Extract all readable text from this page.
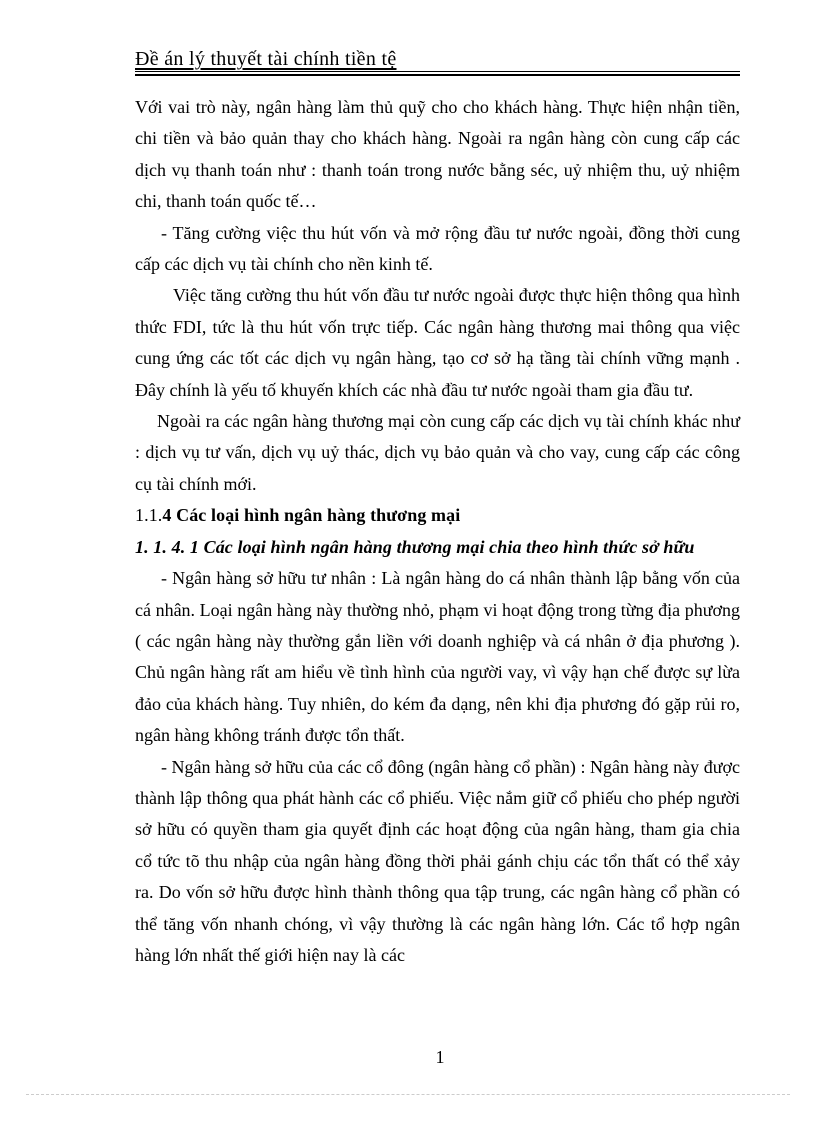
Đề án lý thuyết tài chính tiền tệ

Với vai trò này, ngân hàng làm thủ quỹ cho cho khách hàng. Thực hiện nhận tiền, chi tiền và bảo quản thay cho khách hàng. Ngoài ra ngân hàng còn cung cấp các dịch vụ thanh toán như : thanh toán trong nước bằng séc, uỷ nhiệm thu, uỷ nhiệm chi, thanh toán quốc tế…

- Tăng cường việc thu hút vốn và mở rộng đầu tư nước ngoài, đồng thời cung cấp các dịch vụ tài chính cho nền kinh tế.

Việc tăng cường thu hút vốn đầu tư nước ngoài được thực hiện thông qua hình thức FDI, tức là thu hút vốn trực tiếp. Các ngân hàng thương mai thông qua việc cung ứng các tốt các dịch vụ ngân hàng, tạo cơ sở hạ tầng tài chính vững mạnh . Đây chính là yếu tố khuyến khích các nhà đầu tư nước ngoài tham gia đầu tư.

Ngoài ra các ngân hàng thương mại còn cung cấp các dịch vụ tài chính khác như : dịch vụ tư vấn, dịch vụ uỷ thác, dịch vụ bảo quản và cho vay, cung cấp các công cụ tài chính mới.

1.1.4 Các loại hình ngân hàng thương mại

1. 1. 4. 1 Các loại hình ngân hàng thương mại chia theo hình thức sở hữu

- Ngân hàng sở hữu tư nhân : Là ngân hàng do cá nhân thành lập bằng vốn của cá nhân. Loại ngân hàng này thường nhỏ, phạm vi hoạt động trong từng địa phương ( các ngân hàng này thường gắn liền với doanh nghiệp và cá nhân ở địa phương ). Chủ ngân hàng rất am hiểu về tình hình của người vay, vì vậy hạn chế được sự lừa đảo của khách hàng. Tuy nhiên, do kém đa dạng, nên khi địa phương đó gặp rủi ro, ngân hàng không tránh được tổn thất.

- Ngân hàng sở hữu của các cổ đông (ngân hàng cổ phần) : Ngân hàng này được thành lập thông qua phát hành các cổ phiếu. Việc nắm giữ cổ phiếu cho phép người sở hữu có quyền tham gia quyết định các hoạt động của ngân hàng, tham gia chia cổ tức tõ thu nhập của ngân hàng đồng thời phải gánh chịu các tổn thất có thể xảy ra. Do vốn sở hữu được hình thành thông qua tập trung, các ngân hàng cổ phần có thể tăng vốn nhanh chóng, vì vậy thường là các ngân hàng lớn. Các tổ hợp ngân hàng lớn nhất thế giới hiện nay là các

1
